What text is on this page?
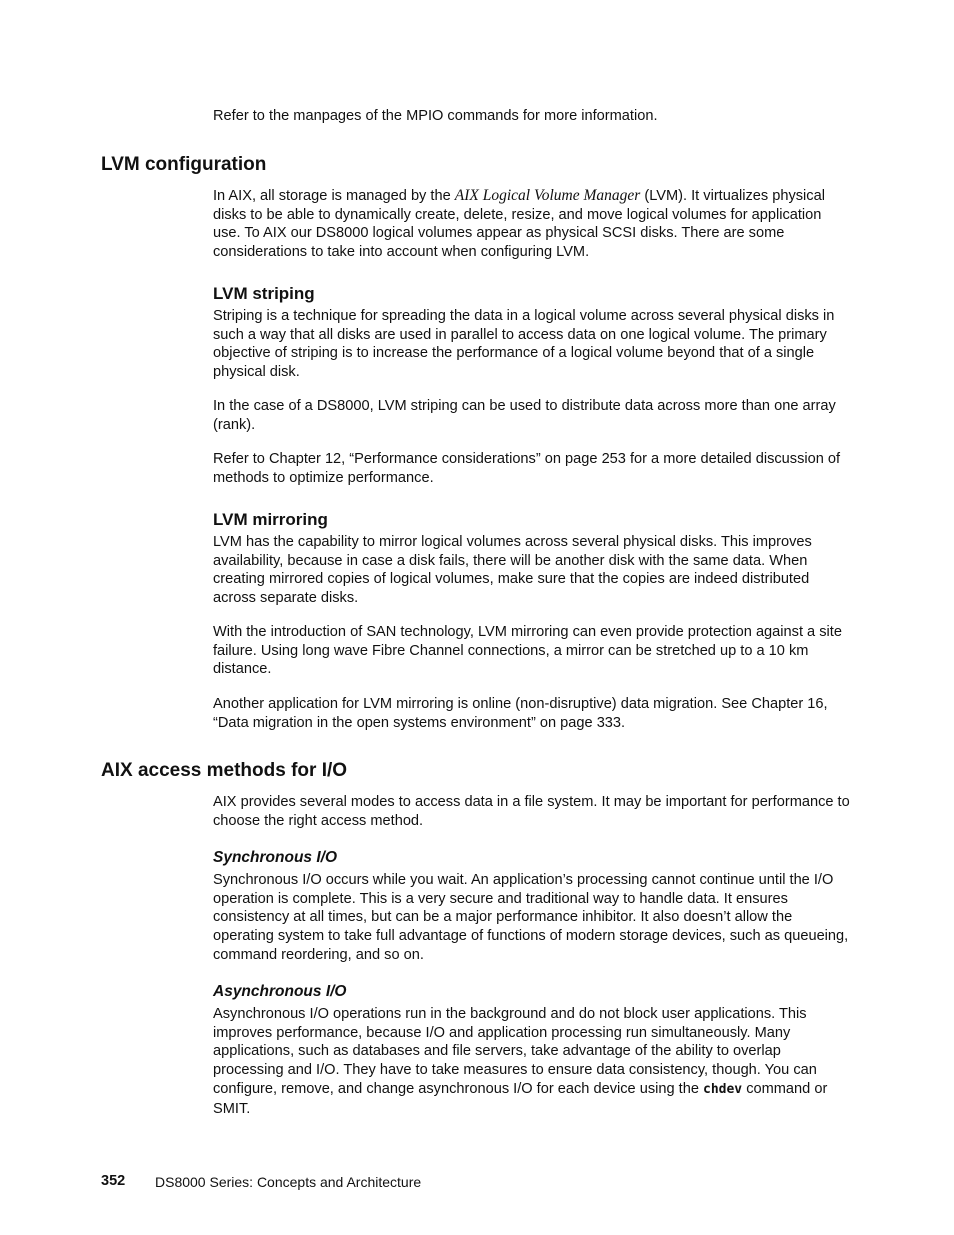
Refer to the manpages of the MPIO commands for more information.

LVM configuration

In AIX, all storage is managed by the AIX Logical Volume Manager (LVM). It virtualizes physical disks to be able to dynamically create, delete, resize, and move logical volumes for application use. To AIX our DS8000 logical volumes appear as physical SCSI disks. There are some considerations to take into account when configuring LVM.

LVM striping

Striping is a technique for spreading the data in a logical volume across several physical disks in such a way that all disks are used in parallel to access data on one logical volume. The primary objective of striping is to increase the performance of a logical volume beyond that of a single physical disk.

In the case of a DS8000, LVM striping can be used to distribute data across more than one array (rank).

Refer to Chapter 12, “Performance considerations” on page 253 for a more detailed discussion of methods to optimize performance.

LVM mirroring

LVM has the capability to mirror logical volumes across several physical disks. This improves availability, because in case a disk fails, there will be another disk with the same data. When creating mirrored copies of logical volumes, make sure that the copies are indeed distributed across separate disks.

With the introduction of SAN technology, LVM mirroring can even provide protection against a site failure. Using long wave Fibre Channel connections, a mirror can be stretched up to a 10 km distance.

Another application for LVM mirroring is online (non-disruptive) data migration. See Chapter 16, “Data migration in the open systems environment” on page 333.

AIX access methods for I/O

AIX provides several modes to access data in a file system. It may be important for performance to choose the right access method.

Synchronous I/O

Synchronous I/O occurs while you wait. An application’s processing cannot continue until the I/O operation is complete. This is a very secure and traditional way to handle data. It ensures consistency at all times, but can be a major performance inhibitor. It also doesn’t allow the operating system to take full advantage of functions of modern storage devices, such as queueing, command reordering, and so on.

Asynchronous I/O

Asynchronous I/O operations run in the background and do not block user applications. This improves performance, because I/O and application processing run simultaneously. Many applications, such as databases and file servers, take advantage of the ability to overlap processing and I/O. They have to take measures to ensure data consistency, though. You can configure, remove, and change asynchronous I/O for each device using the chdev command or SMIT.

352 DS8000 Series: Concepts and Architecture
